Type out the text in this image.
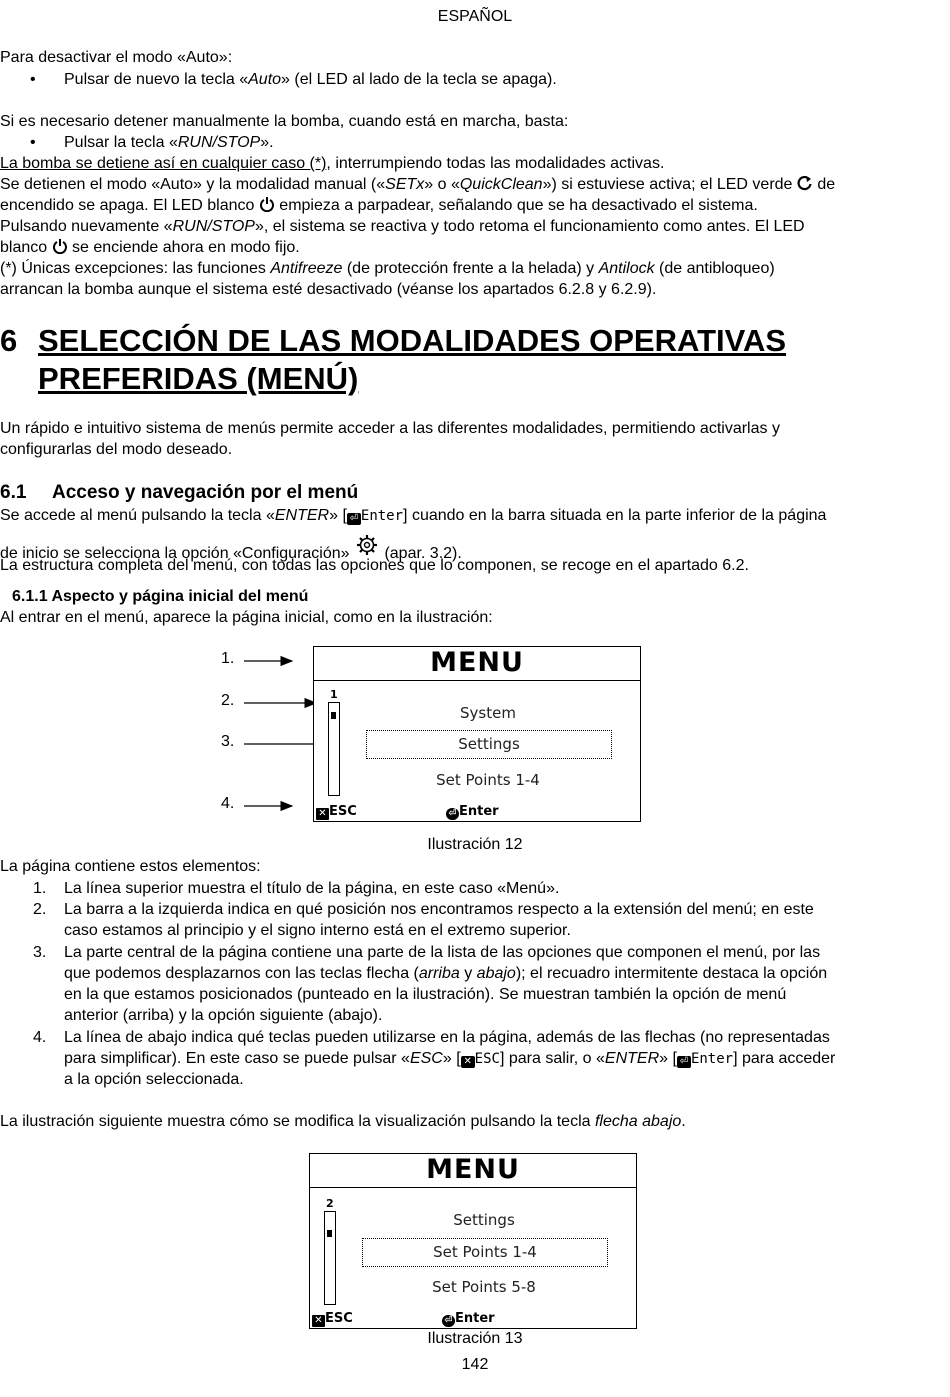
ESPAÑOL
Para desactivar el modo «Auto»:
• Pulsar de nuevo la tecla «Auto» (el LED al lado de la tecla se apaga).
Si es necesario detener manualmente la bomba, cuando está en marcha, basta:
• Pulsar la tecla «RUN/STOP».
La bomba se detiene así en cualquier caso (*), interrumpiendo todas las modalidades activas.
Se detienen el modo «Auto» y la modalidad manual («SETx» o «QuickClean») si estuviese activa; el LED verde  de
encendido se apaga. El LED blanco  empieza a parpadear, señalando que se ha desactivado el sistema.
Pulsando nuevamente «RUN/STOP», el sistema se reactiva y todo retoma el funcionamiento como antes. El LED
blanco  se enciende ahora en modo fijo.
(*) Únicas excepciones: las funciones Antifreeze (de protección frente a la helada) y Antilock (de antibloqueo)
arrancan la bomba aunque el sistema esté desactivado (véanse los apartados 6.2.8 y 6.2.9).
6 SELECCIÓN DE LAS MODALIDADES OPERATIVAS
PREFERIDAS (MENÚ)
Un rápido e intuitivo sistema de menús permite acceder a las diferentes modalidades, permitiendo activarlas y
configurarlas del modo deseado.
6.1 Acceso y navegación por el menú
Se accede al menú pulsando la tecla «ENTER» [ ⏎ Enter] cuando en la barra situada en la parte inferior de la página
de inicio se selecciona la opción «Configuración»  (apar. 3.2).
La estructura completa del menú, con todas las opciones que lo componen, se recoge en el apartado 6.2.
6.1.1 Aspecto y página inicial del menú
Al entrar en el menú, aparece la página inicial, como en la ilustración:
1.
2.
3.
4.
MENU
1
System
Settings
Set Points 1-4
✕ ESC	⏎ Enter
Ilustración 12
La página contiene estos elementos:
1. La línea superior muestra el título de la página, en este caso «Menú».
2. La barra a la izquierda indica en qué posición nos encontramos respecto a la extensión del menú; en este
caso estamos al principio y el signo interno está en el extremo superior.
3. La parte central de la página contiene una parte de la lista de las opciones que componen el menú, por las
que podemos desplazarnos con las teclas flecha (arriba y abajo); el recuadro intermitente destaca la opción
en la que estamos posicionados (punteado en la ilustración). Se muestran también la opción de menú
anterior (arriba) y la opción siguiente (abajo).
4. La línea de abajo indica qué teclas pueden utilizarse en la página, además de las flechas (no representadas
para simplificar). En este caso se puede pulsar «ESC» [ ✕ ESC] para salir, o «ENTER» [ ⏎ Enter] para acceder
a la opción seleccionada.
La ilustración siguiente muestra cómo se modifica la visualización pulsando la tecla flecha abajo.
MENU
2
Settings
Set Points 1-4
Set Points 5-8
✕ ESC	⏎ Enter
Ilustración 13
142
